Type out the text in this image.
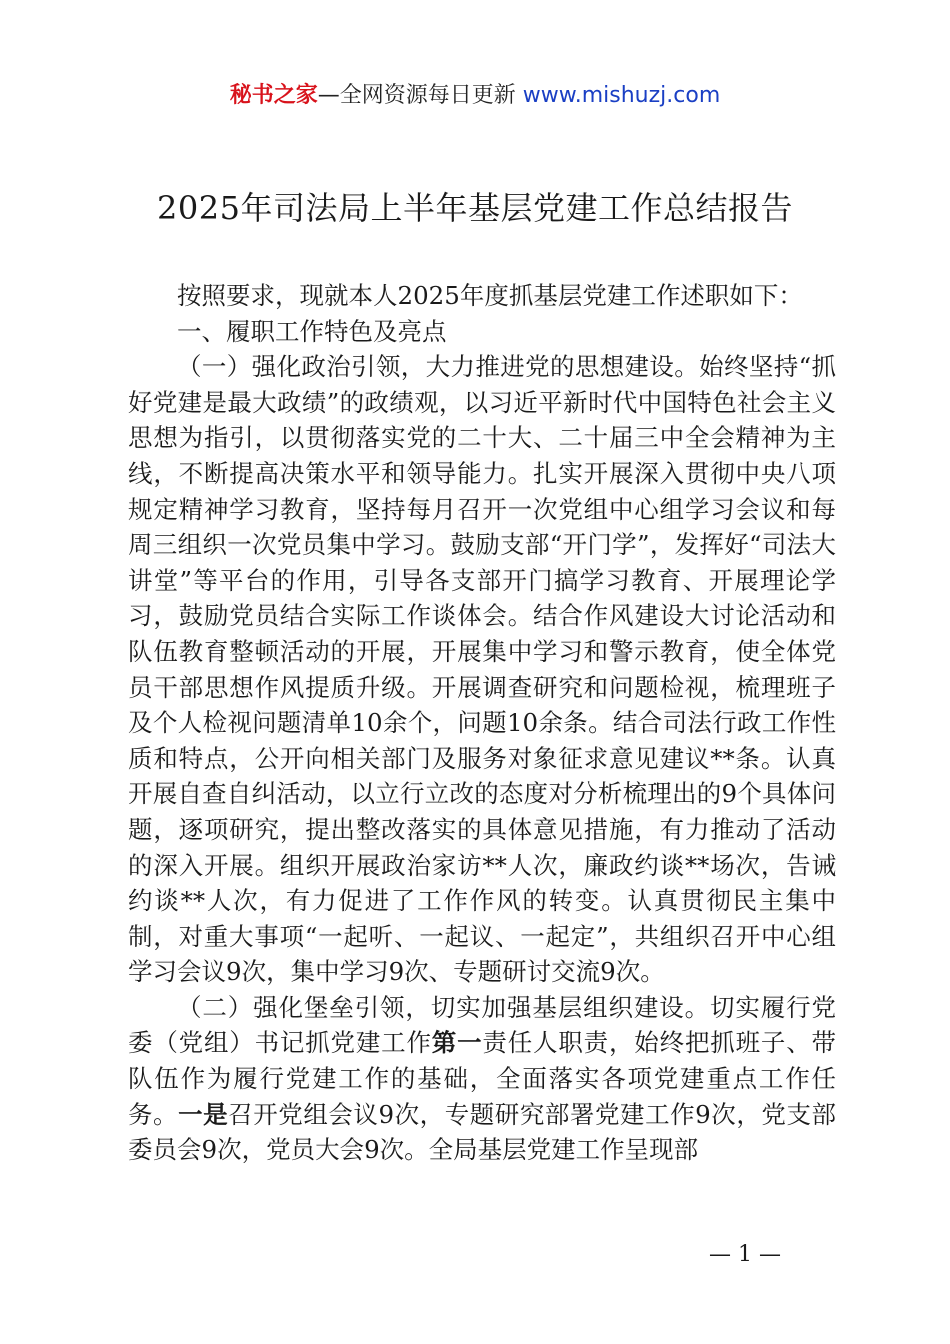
秘书之家—全网资源每日更新 www.mishuzj.com
2025年司法局上半年基层党建工作总结报告

按照要求，现就本人2025年度抓基层党建工作述职如下：

一、履职工作特色及亮点

（一）强化政治引领，大力推进党的思想建设。始终坚持“抓好党建是最大政绩”的政绩观，以习近平新时代中国特色社会主义思想为指引，以贯彻落实党的二十大、二十届三中全会精神为主线，不断提高决策水平和领导能力。扎实开展深入贯彻中央八项规定精神学习教育，坚持每月召开一次党组中心组学习会议和每周三组织一次党员集中学习。鼓励支部“开门学”，发挥好“司法大讲堂”等平台的作用，引导各支部开门搞学习教育、开展理论学习，鼓励党员结合实际工作谈体会。结合作风建设大讨论活动和队伍教育整顿活动的开展，开展集中学习和警示教育，使全体党员干部思想作风提质升级。开展调查研究和问题检视，梳理班子及个人检视问题清单10余个，问题10余条。结合司法行政工作性质和特点，公开向相关部门及服务对象征求意见建议**条。认真开展自查自纠活动，以立行立改的态度对分析梳理出的9个具体问题，逐项研究，提出整改落实的具体意见措施，有力推动了活动的深入开展。组织开展政治家访**人次，廉政约谈**场次，告诫约谈**人次，有力促进了工作作风的转变。认真贯彻民主集中制，对重大事项“一起听、一起议、一起定”，共组织召开中心组学习会议9次，集中学习9次、专题研讨交流9次。

（二）强化堡垒引领，切实加强基层组织建设。切实履行党委（党组）书记抓党建工作第一责任人职责，始终把抓班子、带队伍作为履行党建工作的基础，全面落实各项党建重点工作任务。一是召开党组会议9次，专题研究部署党建工作9次，党支部委员会9次，党员大会9次。全局基层党建工作呈现部

— 1 —
